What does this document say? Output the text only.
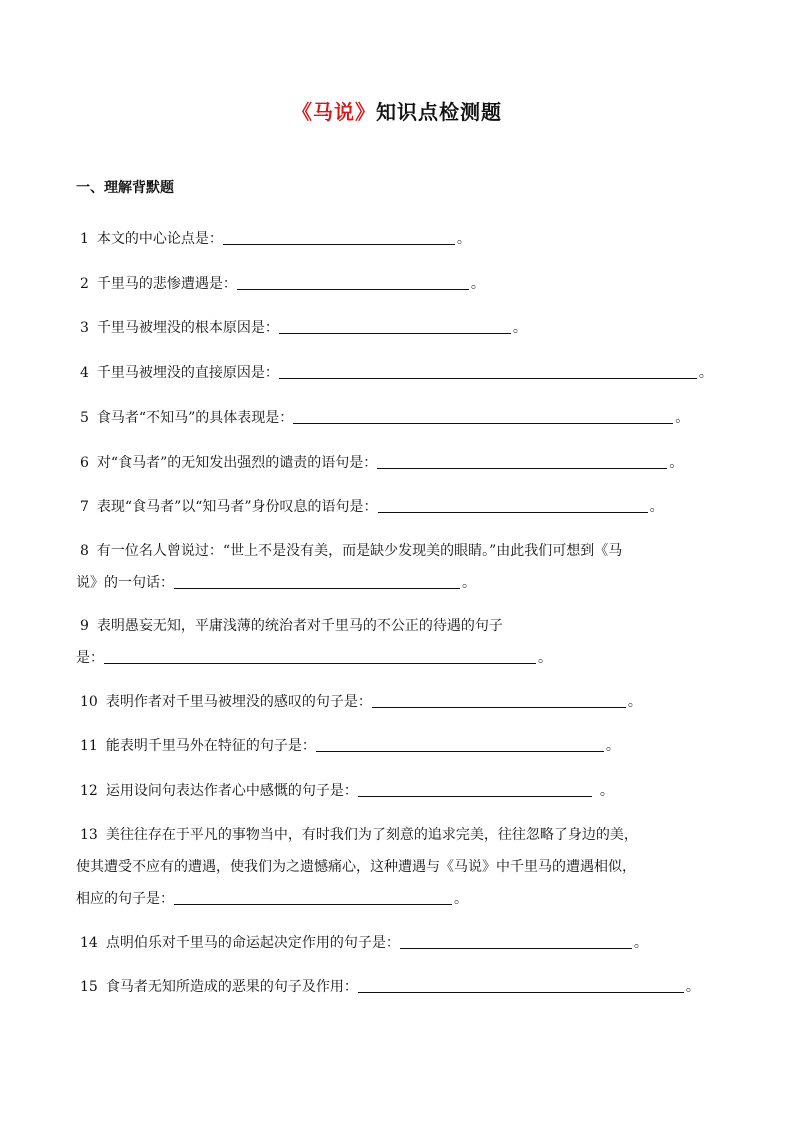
《马说》知识点检测题
一、理解背默题
1 本文的中心论点是：	。
2 千里马的悲惨遭遇是：	。
3 千里马被埋没的根本原因是：	。
4 千里马被埋没的直接原因是：	。
5 食马者“不知马”的具体表现是：	。
6 对“食马者”的无知发出强烈的谴责的语句是：	。
7 表现“食马者”以“知马者”身份叹息的语句是：	。
8 有一位名人曾说过：“世上不是没有美，而是缺少发现美的眼睛。”由此我们可想到《马
说》的一句话：	。
9 表明愚妄无知，平庸浅薄的统治者对千里马的不公正的待遇的句子
是：	。
10 表明作者对千里马被埋没的感叹的句子是：	。
11 能表明千里马外在特征的句子是：	。
12 运用设问句表达作者心中感慨的句子是：	。
13 美往往存在于平凡的事物当中，有时我们为了刻意的追求完美，往往忽略了身边的美，
使其遭受不应有的遭遇，使我们为之遗憾痛心，这种遭遇与《马说》中千里马的遭遇相似，
相应的句子是：	。
14 点明伯乐对千里马的命运起决定作用的句子是：	。
15 食马者无知所造成的恶果的句子及作用：	。
